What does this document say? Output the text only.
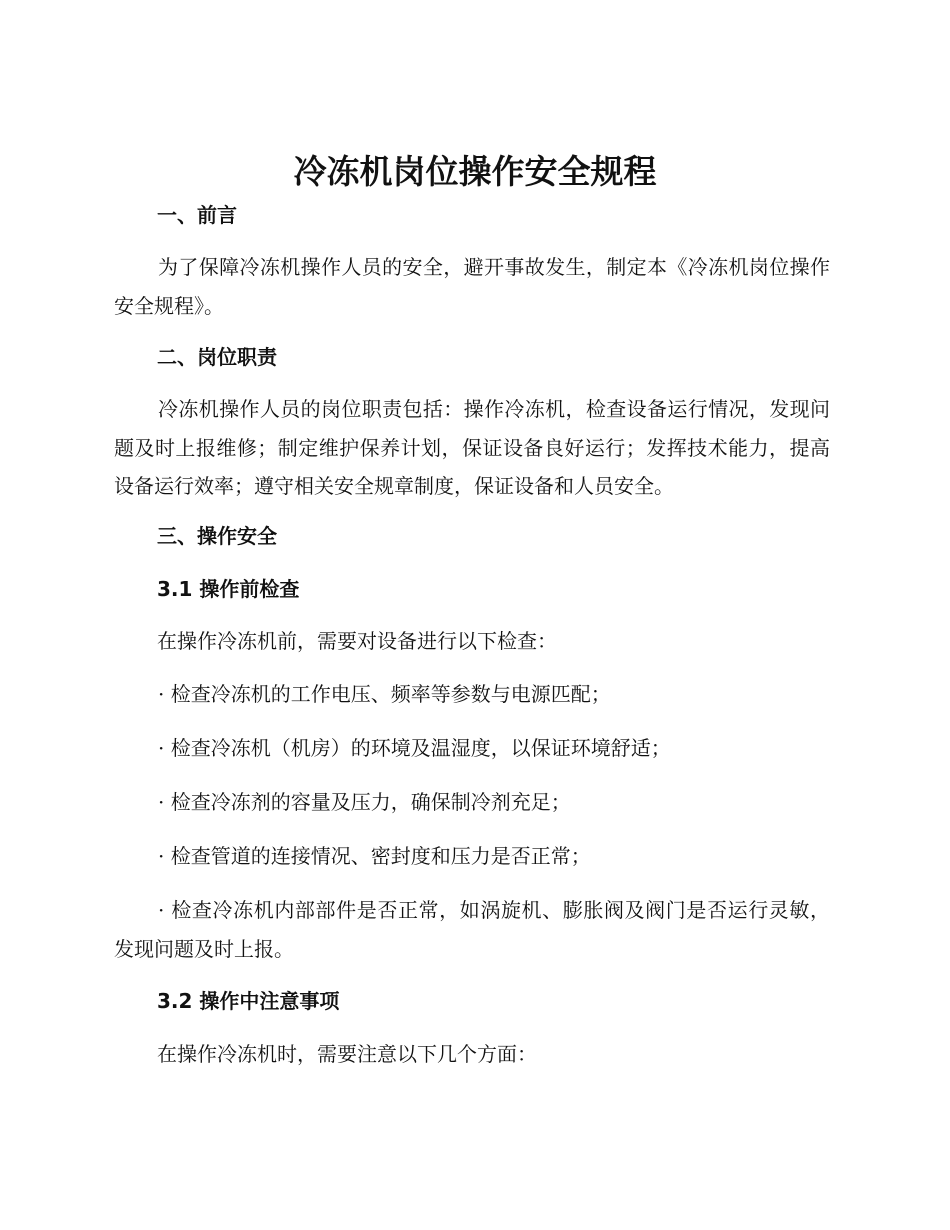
冷冻机岗位操作安全规程
一、前言

为了保障冷冻机操作人员的安全，避开事故发生，制定本《冷冻机岗位操作安全规程》。

二、岗位职责

冷冻机操作人员的岗位职责包括：操作冷冻机，检查设备运行情况，发现问题及时上报维修；制定维护保养计划，保证设备良好运行；发挥技术能力，提高设备运行效率；遵守相关安全规章制度，保证设备和人员安全。

三、操作安全
3.1 操作前检查
在操作冷冻机前，需要对设备进行以下检查：

· 检查冷冻机的工作电压、频率等参数与电源匹配；

· 检查冷冻机（机房）的环境及温湿度，以保证环境舒适；

· 检查冷冻剂的容量及压力，确保制冷剂充足；

· 检查管道的连接情况、密封度和压力是否正常；

· 检查冷冻机内部部件是否正常，如涡旋机、膨胀阀及阀门是否运行灵敏，发现问题及时上报。

3.2 操作中注意事项
在操作冷冻机时，需要注意以下几个方面：
